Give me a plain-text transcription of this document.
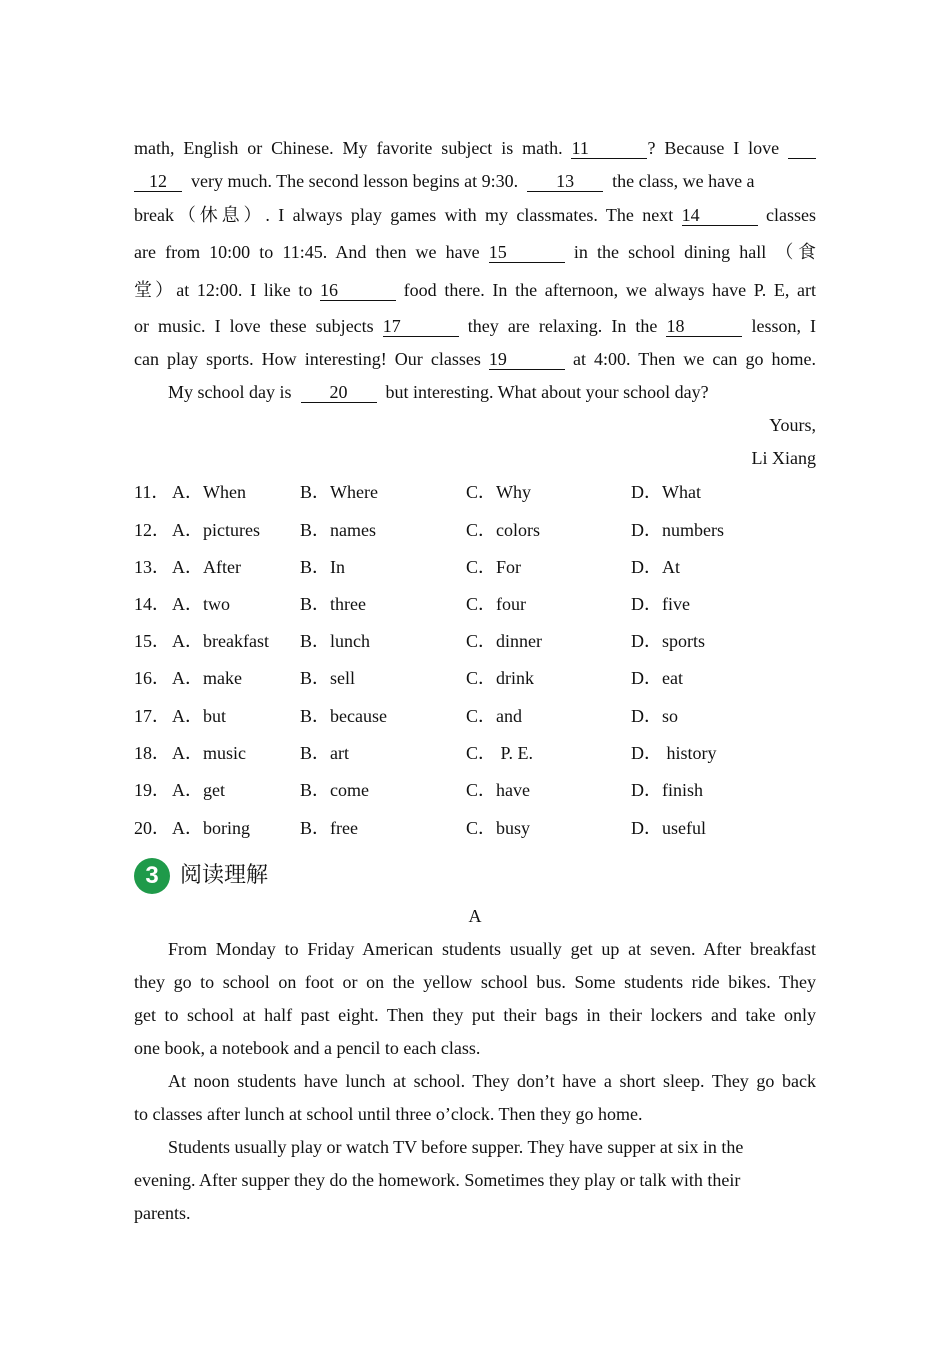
math, English or Chinese. My favorite subject is math. 11	? Because I love
12 very much. The second lesson begins at 9:30. 13 the class, we have a
break（休息）. I always play games with my classmates. The next 14	classes
are from 10:00 to 11:45. And then we have 15	in the school dining hall （食
堂）at 12:00. I like to 16	food there. In the afternoon, we always have P. E, art
or music. I love these subjects 17	they are relaxing. In the 18	lesson, I
can play sports. How interesting! Our classes 19	at 4:00. Then we can go home.
My school day is 20 but interesting. What about your school day?
Yours,
Li Xiang
11． A．When	B．Where	C．Why	D．What
12． A．pictures B．names	C．colors	D．numbers
13． A．After	B．In	C．For	D．At
14． A．two	B．three	C．four	D．five
15． A．breakfast B．lunch	C．dinner	D．sports
16． A．make	B．sell	C．drink	D．eat
17． A．but	B．because	C．and	D．so
18． A．music	B．art	C． P. E.	D． history
19． A．get	B．come	C．have	D．finish
20． A．boring	B．free	C．busy	D．useful
3 阅读理解
A
From Monday to Friday American students usually get up at seven. After breakfast
they go to school on foot or on the yellow school bus. Some students ride bikes. They
get to school at half past eight. Then they put their bags in their lockers and take only
one book, a notebook and a pencil to each class.
At noon students have lunch at school. They don’t have a short sleep. They go back
to classes after lunch at school until three o’clock. Then they go home.
Students usually play or watch TV before supper. They have supper at six in the
evening. After supper they do the homework. Sometimes they play or talk with their
parents.
